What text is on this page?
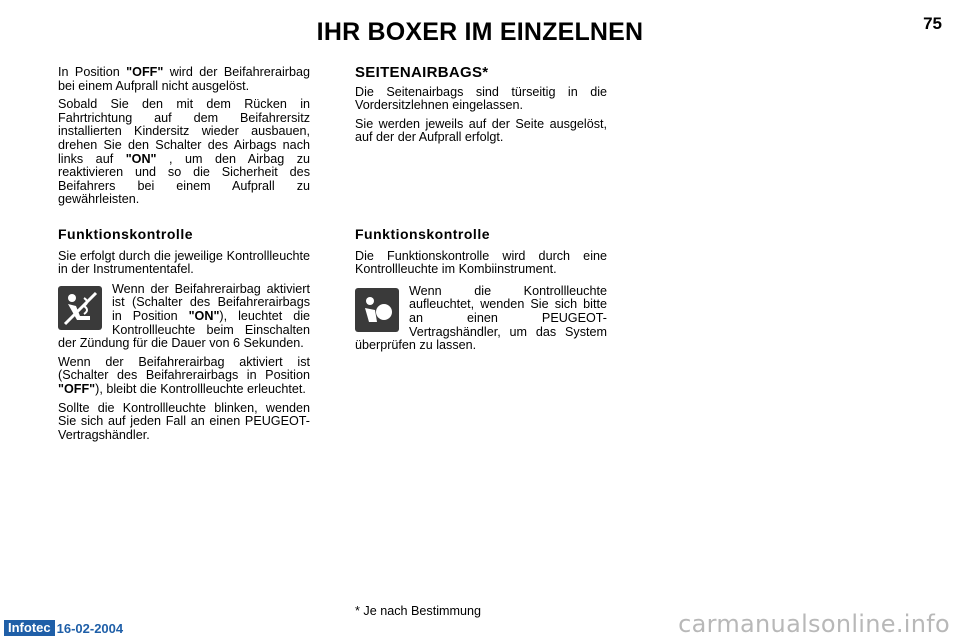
IHR BOXER IM EINZELNEN	75

In Position "OFF" wird der Beifahrerairbag bei einem Aufprall nicht ausgelöst.

Sobald Sie den mit dem Rücken in Fahrtrichtung auf dem Beifahrersitz installierten Kindersitz wieder ausbauen, drehen Sie den Schalter des Airbags nach links auf "ON" , um den Airbag zu reaktivieren und so die Sicherheit des Beifahrers bei einem Aufprall zu gewährleisten.

Funktionskontrolle

Sie erfolgt durch die jeweilige Kontrollleuchte in der Instrumententafel.

Wenn der Beifahrerairbag aktiviert ist (Schalter des Beifahrerairbags in Position "ON"), leuchtet die Kontrollleuchte beim Einschalten der Zündung für die Dauer von 6 Sekunden.

Wenn der Beifahrerairbag aktiviert ist (Schalter des Beifahrerairbags in Position "OFF"), bleibt die Kontrollleuchte erleuchtet.

Sollte die Kontrollleuchte blinken, wenden Sie sich auf jeden Fall an einen PEUGEOT-Vertragshändler.

SEITENAIRBAGS*

Die Seitenairbags sind türseitig in die Vordersitzlehnen eingelassen.

Sie werden jeweils auf der Seite ausgelöst, auf der der Aufprall erfolgt.

Funktionskontrolle

Die Funktionskontrolle wird durch eine Kontrollleuchte im Kombiinstrument.

Wenn die Kontrollleuchte aufleuchtet, wenden Sie sich bitte an einen PEUGEOT-Vertragshändler, um das System überprüfen zu lassen.

* Je nach Bestimmung
Infotec 16-02-2004	carmanualsonline.info
